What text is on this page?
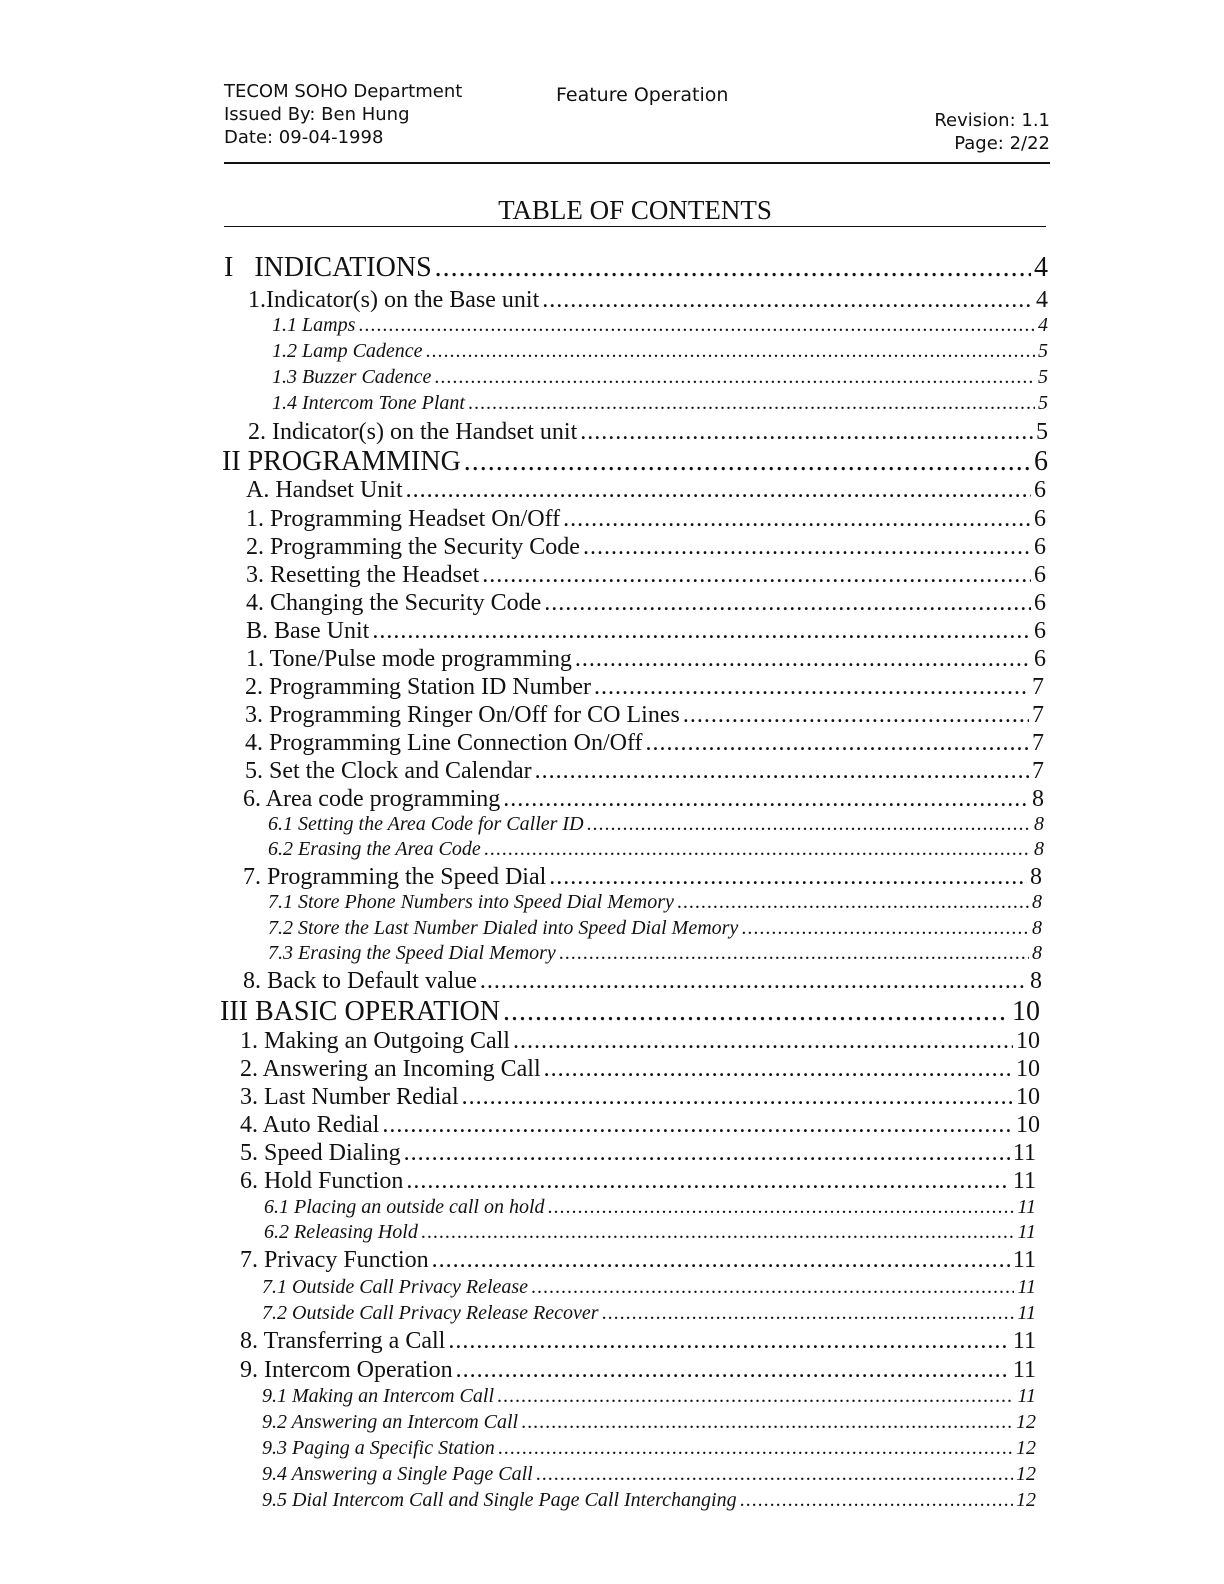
TECOM SOHO Department
Issued By: Ben Hung
Date: 09-04-1998
Feature Operation
Revision: 1.1
Page: 2/22
TABLE OF CONTENTS
I   INDICATIONS .....	4
1.Indicator(s) on the Base unit .....	4
1.1 Lamps .....	4
1.2 Lamp Cadence .....	5
1.3 Buzzer Cadence .....	5
1.4 Intercom Tone Plant .....	5
2. Indicator(s) on the Handset unit .....	5
II PROGRAMMING .....	6
A. Handset Unit .....	6
1. Programming Headset On/Off .....	6
2. Programming the Security Code .....	6
3. Resetting the Headset .....	6
4. Changing the Security Code .....	6
B. Base Unit .....	6
1. Tone/Pulse mode programming .....	6
2. Programming Station ID Number .....	7
3. Programming Ringer On/Off for CO Lines .....	7
4. Programming Line Connection On/Off .....	7
5. Set the Clock and Calendar .....	7
6. Area code programming .....	8
6.1 Setting the Area Code for Caller ID .....	8
6.2 Erasing the Area Code .....	8
7. Programming the Speed Dial .....	8
7.1 Store Phone Numbers into Speed Dial Memory .....	8
7.2 Store the Last Number Dialed into Speed Dial Memory .....	8
7.3 Erasing the Speed Dial Memory .....	8
8. Back to Default value .....	8
III BASIC OPERATION .....	10
1. Making an Outgoing Call .....	10
2. Answering an Incoming Call .....	10
3. Last Number Redial .....	10
4. Auto Redial .....	10
5. Speed Dialing .....	11
6. Hold Function .....	11
6.1 Placing an outside call on hold .....	11
6.2 Releasing Hold .....	11
7. Privacy Function .....	11
7.1 Outside Call Privacy Release .....	11
7.2 Outside Call Privacy Release Recover .....	11
8. Transferring a Call .....	11
9. Intercom Operation .....	11
9.1 Making an Intercom Call .....	11
9.2 Answering an Intercom Call .....	12
9.3 Paging a Specific Station .....	12
9.4 Answering a Single Page Call .....	12
9.5 Dial Intercom Call and Single Page Call Interchanging .....	12
